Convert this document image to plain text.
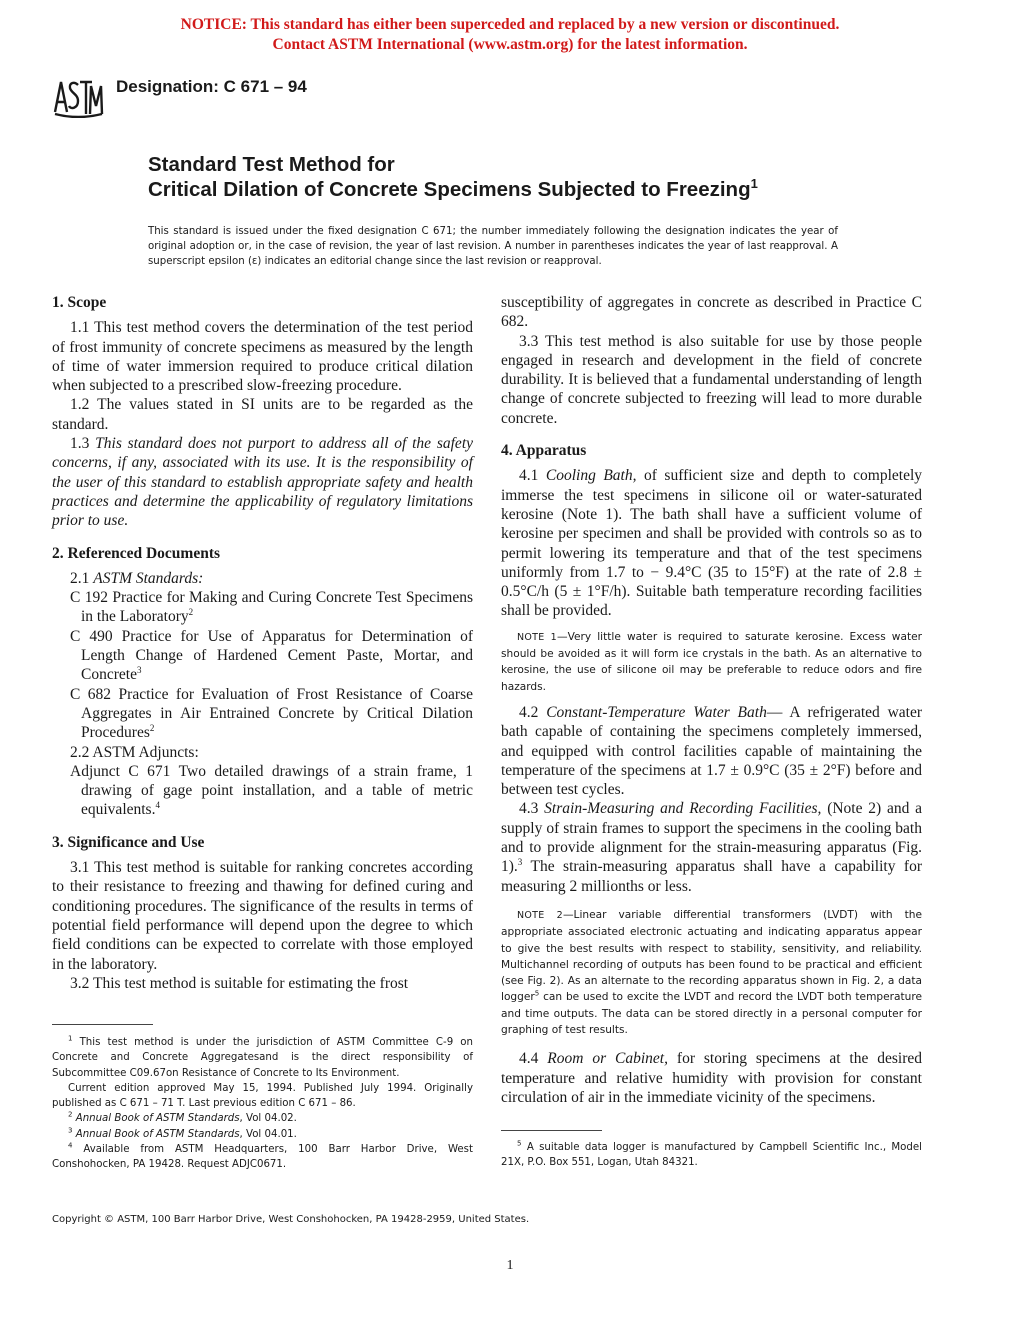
NOTICE: This standard has either been superceded and replaced by a new version or discontinued.
Contact ASTM International (www.astm.org) for the latest information.
Designation: C 671 – 94
Standard Test Method for
Critical Dilation of Concrete Specimens Subjected to Freezing$^1$
This standard is issued under the fixed designation C 671; the number immediately following the designation indicates the year of original adoption or, in the case of revision, the year of last revision. A number in parentheses indicates the year of last reapproval. A superscript epsilon (ε) indicates an editorial change since the last revision or reapproval.
1. Scope

1.1 This test method covers the determination of the test period of frost immunity of concrete specimens as measured by the length of time of water immersion required to produce critical dilation when subjected to a prescribed slow-freezing procedure.

1.2 The values stated in SI units are to be regarded as the standard.

1.3 This standard does not purport to address all of the safety concerns, if any, associated with its use. It is the responsibility of the user of this standard to establish appropriate safety and health practices and determine the applicability of regulatory limitations prior to use.

2. Referenced Documents

2.1 ASTM Standards:

C 192 Practice for Making and Curing Concrete Test Specimens in the Laboratory$^2$

C 490 Practice for Use of Apparatus for Determination of Length Change of Hardened Cement Paste, Mortar, and Concrete$^3$

C 682 Practice for Evaluation of Frost Resistance of Coarse Aggregates in Air Entrained Concrete by Critical Dilation Procedures$^2$

2.2 ASTM Adjuncts:

Adjunct C 671 Two detailed drawings of a strain frame, 1 drawing of gage point installation, and a table of metric equivalents.$^4$

3. Significance and Use

3.1 This test method is suitable for ranking concretes according to their resistance to freezing and thawing for defined curing and conditioning procedures. The significance of the results in terms of potential field performance will depend upon the degree to which field conditions can be expected to correlate with those employed in the laboratory.

3.2 This test method is suitable for estimating the frost

susceptibility of aggregates in concrete as described in Practice C 682.

3.3 This test method is also suitable for use by those people engaged in research and development in the field of concrete durability. It is believed that a fundamental understanding of length change of concrete subjected to freezing will lead to more durable concrete.

4. Apparatus

4.1 Cooling Bath, of sufficient size and depth to completely immerse the test specimens in silicone oil or water-saturated kerosine (Note 1). The bath shall have a sufficient volume of kerosine per specimen and shall be provided with controls so as to permit lowering its temperature and that of the test specimens uniformly from 1.7 to − 9.4°C (35 to 15°F) at the rate of 2.8 ± 0.5°C/h (5 ± 1°F/h). Suitable bath temperature recording facilities shall be provided.

NOTE 1—Very little water is required to saturate kerosine. Excess water should be avoided as it will form ice crystals in the bath. As an alternative to kerosine, the use of silicone oil may be preferable to reduce odors and fire hazards.

4.2 Constant-Temperature Water Bath— A refrigerated water bath capable of containing the specimens completely immersed, and equipped with control facilities capable of maintaining the temperature of the specimens at 1.7 ± 0.9°C (35 ± 2°F) before and between test cycles.

4.3 Strain-Measuring and Recording Facilities, (Note 2) and a supply of strain frames to support the specimens in the cooling bath and to provide alignment for the strain-measuring apparatus (Fig. 1).$^3$ The strain-measuring apparatus shall have a capability for measuring 2 millionths or less.

NOTE 2—Linear variable differential transformers (LVDT) with the appropriate associated electronic actuating and indicating apparatus appear to give the best results with respect to stability, sensitivity, and reliability. Multichannel recording of outputs has been found to be practical and efficient (see Fig. 2). As an alternate to the recording apparatus shown in Fig. 2, a data logger$^5$ can be used to excite the LVDT and record the LVDT both temperature and time outputs. The data can be stored directly in a personal computer for graphing of test results.

4.4 Room or Cabinet, for storing specimens at the desired temperature and relative humidity with provision for constant circulation of air in the immediate vicinity of the specimens.

$^1$ This test method is under the jurisdiction of ASTM Committee C-9 on Concrete and Concrete Aggregatesand is the direct responsibility of Subcommittee C09.67on Resistance of Concrete to Its Environment.

Current edition approved May 15, 1994. Published July 1994. Originally published as C 671 – 71 T. Last previous edition C 671 – 86.

$^2$ Annual Book of ASTM Standards, Vol 04.02.

$^3$ Annual Book of ASTM Standards, Vol 04.01.

$^4$ Available from ASTM Headquarters, 100 Barr Harbor Drive, West Conshohocken, PA 19428. Request ADJC0671.

$^5$ A suitable data logger is manufactured by Campbell Scientific Inc., Model 21X, P.O. Box 551, Logan, Utah 84321.

Copyright © ASTM, 100 Barr Harbor Drive, West Conshohocken, PA 19428-2959, United States.
1
